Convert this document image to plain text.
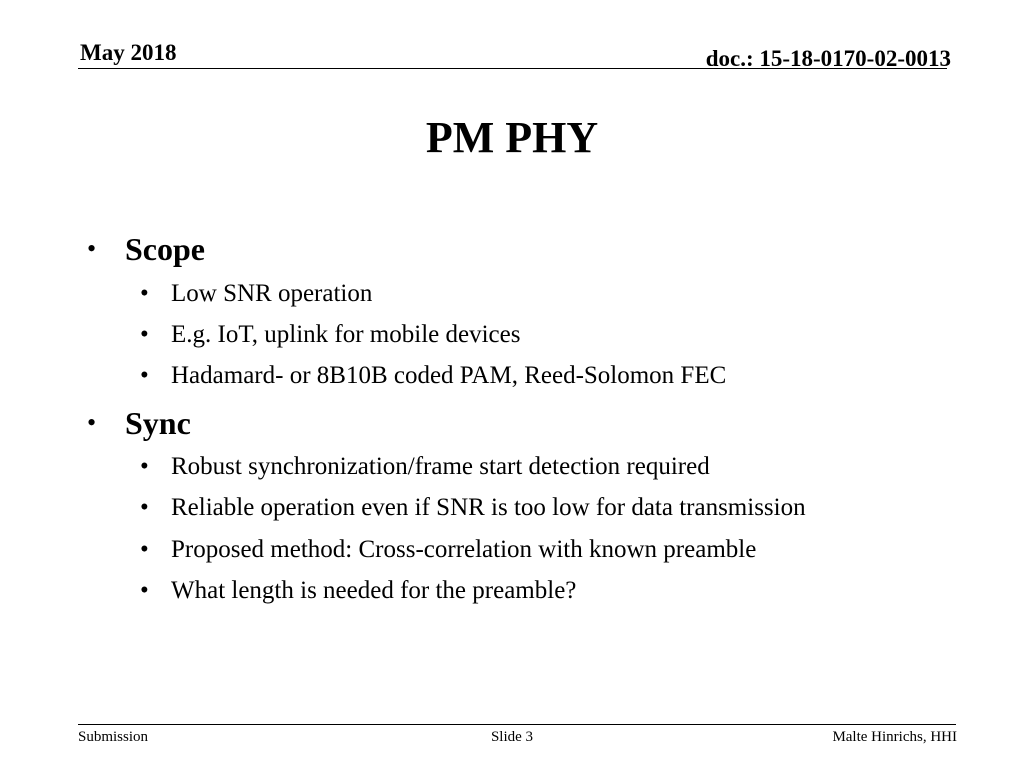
May 2018	doc.: 15-18-0170-02-0013
PM PHY
• Scope
• Low SNR operation
• E.g. IoT, uplink for mobile devices
• Hadamard- or 8B10B coded PAM, Reed-Solomon FEC
• Sync
• Robust synchronization/frame start detection required
• Reliable operation even if SNR is too low for data transmission
• Proposed method: Cross-correlation with known preamble
• What length is needed for the preamble?
Submission	Slide 3	Malte Hinrichs, HHI
